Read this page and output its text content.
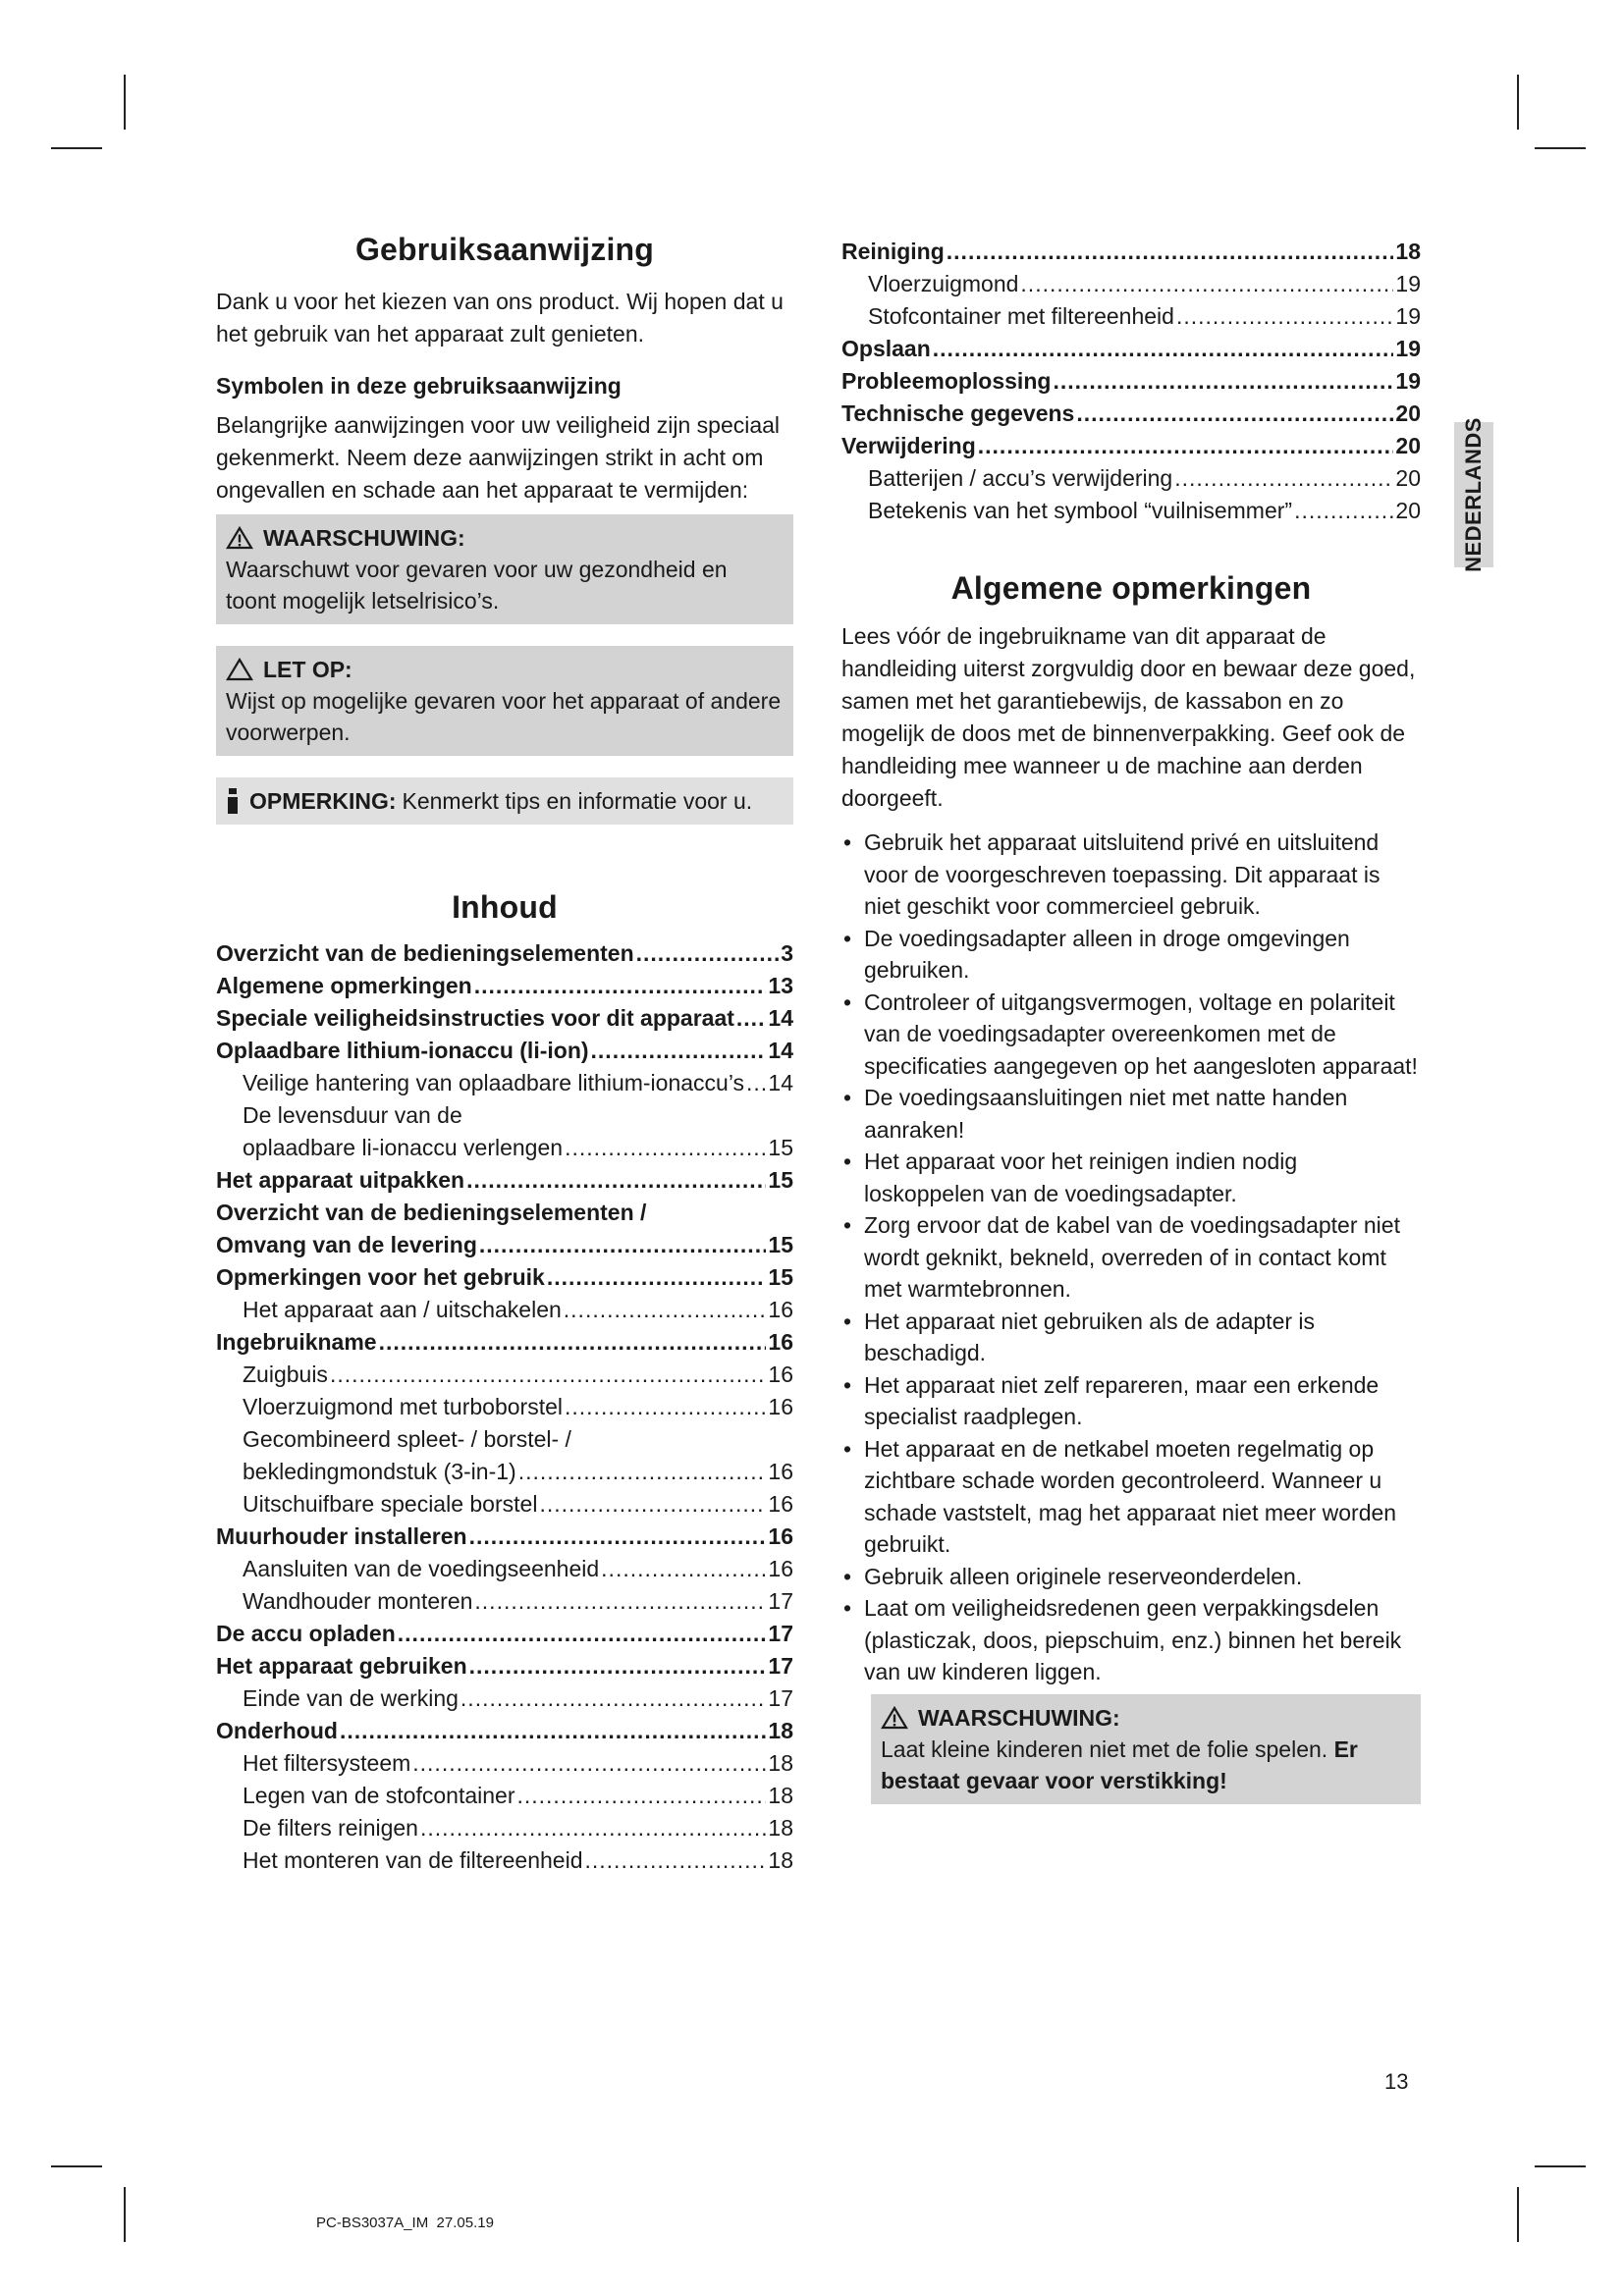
Gebruiksaanwijzing

Dank u voor het kiezen van ons product. Wij hopen dat u het gebruik van het apparaat zult genieten.

Symbolen in deze gebruiksaanwijzing

Belangrijke aanwijzingen voor uw veiligheid zijn speciaal gekenmerkt. Neem deze aanwijzingen strikt in acht om ongevallen en schade aan het apparaat te vermijden:

WAARSCHUWING:
Waarschuwt voor gevaren voor uw gezondheid en toont mogelijk letselrisico’s.
LET OP:
Wijst op mogelijke gevaren voor het apparaat of andere voorwerpen.
OPMERKING: Kenmerkt tips en informatie voor u.
Inhoud
Overzicht van de bedieningselementen .....	3
Algemene opmerkingen .....	13
Speciale veiligheidsinstructies voor dit apparaat ..... 14
Oplaadbare lithium-ionaccu (li-ion) .....	14
Veilige hantering van oplaadbare lithium-ionaccu’s ..... 14
De levensduur van de
oplaadbare li-ionaccu verlengen .....	15
Het apparaat uitpakken .....	15
Overzicht van de bedieningselementen /
Omvang van de levering .....	15
Opmerkingen voor het gebruik .....	15
Het apparaat aan / uitschakelen .....	16
Ingebruikname .....	16
Zuigbuis .....	16
Vloerzuigmond met turboborstel .....	16
Gecombineerd spleet- / borstel- /
bekledingmondstuk (3-in-1) .....	16
Uitschuifbare speciale borstel .....	16
Muurhouder installeren .....	16
Aansluiten van de voedingseenheid .....	16
Wandhouder monteren .....	17
De accu opladen .....	17
Het apparaat gebruiken .....	17
Einde van de werking .....	17
Onderhoud .....	18
Het filtersysteem .....	18
Legen van de stofcontainer .....	18
De filters reinigen .....	18
Het monteren van de filtereenheid .....	18
Reiniging .....	18
Vloerzuigmond .....	19
Stofcontainer met filtereenheid .....	19
Opslaan .....	19
Probleemoplossing .....	19
Technische gegevens .....	20
Verwijdering .....	20
Batterijen / accu’s verwijdering .....	20
Betekenis van het symbool “vuilnisemmer” .....	20
Algemene opmerkingen

Lees vóór de ingebruikname van dit apparaat de handleiding uiterst zorgvuldig door en bewaar deze goed, samen met het garantiebewijs, de kassabon en zo mogelijk de doos met de binnenverpakking. Geef ook de handleiding mee wanneer u de machine aan derden doorgeeft.

• Gebruik het apparaat uitsluitend privé en uitsluitend voor de voorgeschreven toepassing. Dit apparaat is niet geschikt voor commercieel gebruik.
• De voedingsadapter alleen in droge omgevingen gebruiken.
• Controleer of uitgangsvermogen, voltage en polariteit van de voedingsadapter overeenkomen met de specificaties aangegeven op het aangesloten apparaat!
• De voedingsaansluitingen niet met natte handen aanraken!
• Het apparaat voor het reinigen indien nodig loskoppelen van de voedingsadapter.
• Zorg ervoor dat de kabel van de voedingsadapter niet wordt geknikt, bekneld, overreden of in contact komt met warmtebronnen.
• Het apparaat niet gebruiken als de adapter is beschadigd.
• Het apparaat niet zelf repareren, maar een erkende specialist raadplegen.
• Het apparaat en de netkabel moeten regelmatig op zichtbare schade worden gecontroleerd. Wanneer u schade vaststelt, mag het apparaat niet meer worden gebruikt.
• Gebruik alleen originele reserveonderdelen.
• Laat om veiligheidsredenen geen verpakkingsdelen (plasticzak, doos, piepschuim, enz.) binnen het bereik van uw kinderen liggen.
WAARSCHUWING:
Laat kleine kinderen niet met de folie spelen. Er bestaat gevaar voor verstikking!
NEDERLANDS
13
PC-BS3037A_IM  27.05.19
